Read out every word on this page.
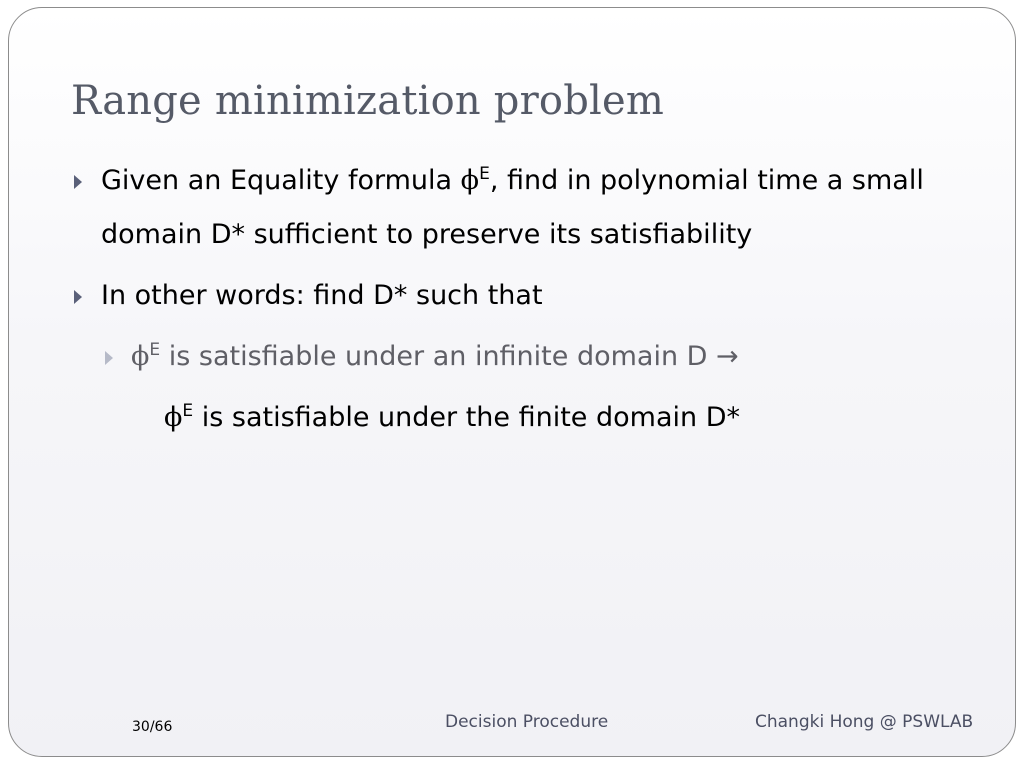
Range minimization problem
Given an Equality formula $\phi^E$, find in polynomial time a small domain D* sufficient to preserve its satisfiability
In other words: find D* such that
$\phi^E$ is satisfiable under an infinite domain D →
$\phi^E$ is satisfiable under the finite domain D*
30/66	Decision Procedure	Changki Hong @ PSWLAB
